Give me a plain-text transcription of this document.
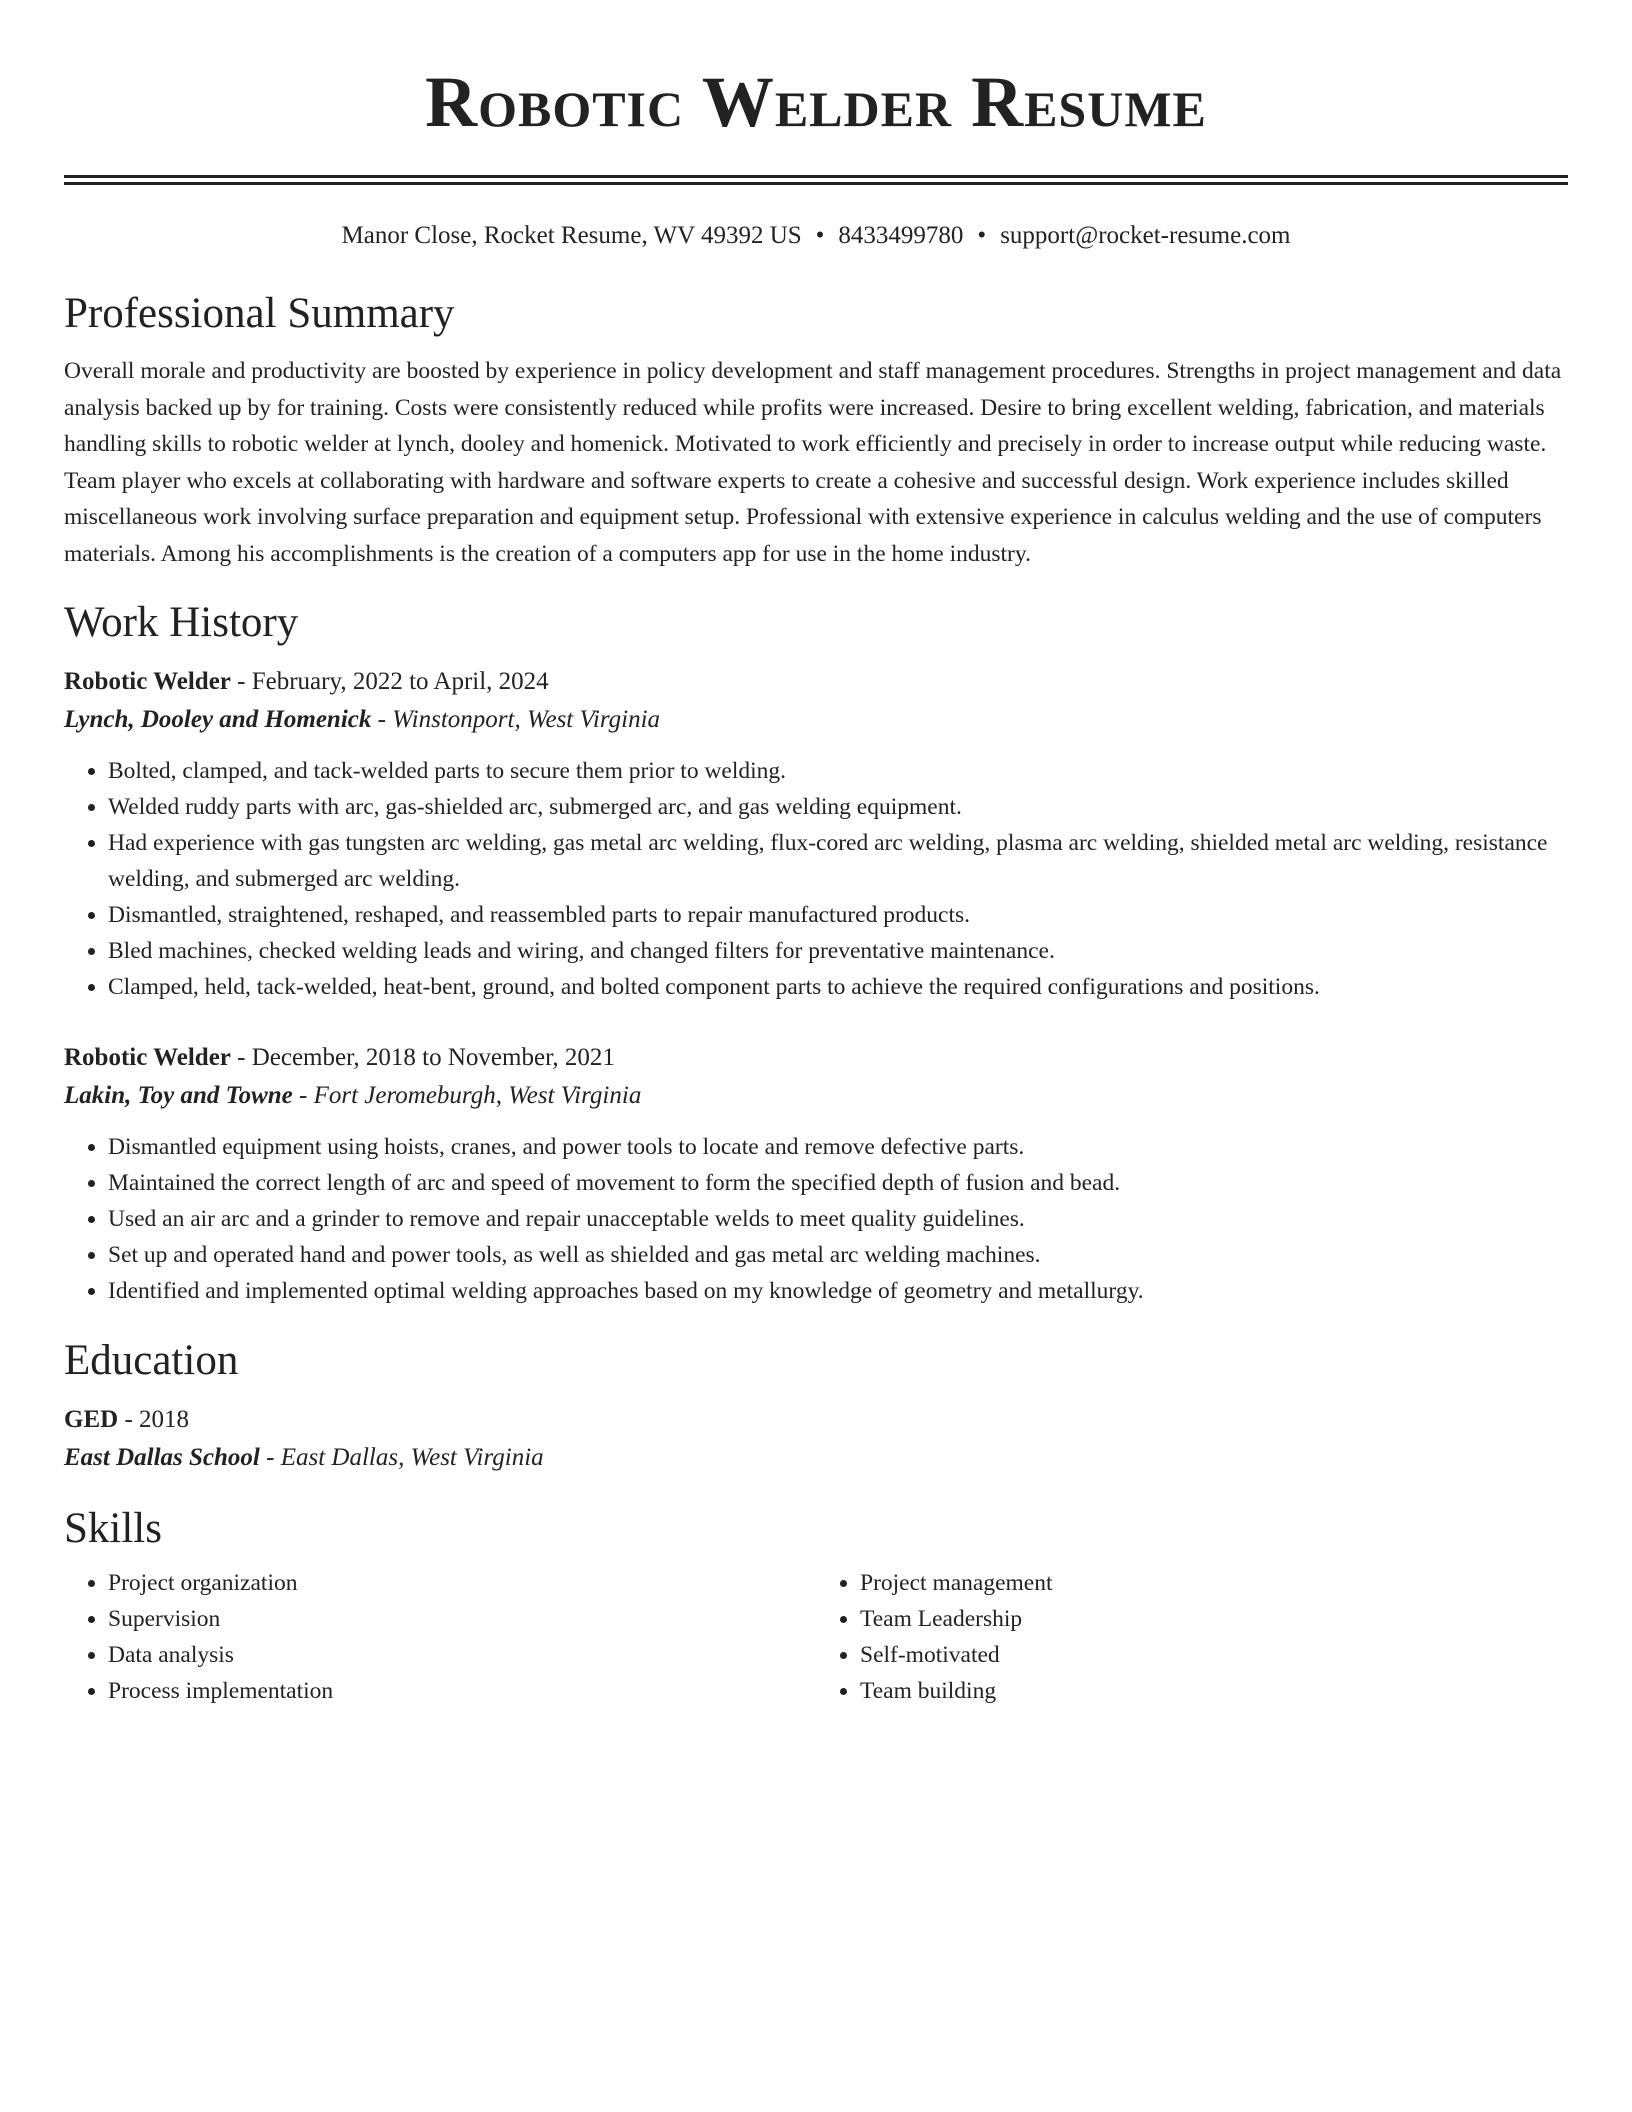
Robotic Welder Resume
Manor Close, Rocket Resume, WV 49392 US • 8433499780 • support@rocket-resume.com
Professional Summary

Overall morale and productivity are boosted by experience in policy development and staff management procedures. Strengths in project management and data analysis backed up by for training. Costs were consistently reduced while profits were increased. Desire to bring excellent welding, fabrication, and materials handling skills to robotic welder at lynch, dooley and homenick. Motivated to work efficiently and precisely in order to increase output while reducing waste. Team player who excels at collaborating with hardware and software experts to create a cohesive and successful design. Work experience includes skilled miscellaneous work involving surface preparation and equipment setup. Professional with extensive experience in calculus welding and the use of computers materials. Among his accomplishments is the creation of a computers app for use in the home industry.

Work History
Robotic Welder - February, 2022 to April, 2024
Lynch, Dooley and Homenick - Winstonport, West Virginia
• Bolted, clamped, and tack-welded parts to secure them prior to welding.
• Welded ruddy parts with arc, gas-shielded arc, submerged arc, and gas welding equipment.
• Had experience with gas tungsten arc welding, gas metal arc welding, flux-cored arc welding, plasma arc welding, shielded metal arc welding, resistance welding, and submerged arc welding.
• Dismantled, straightened, reshaped, and reassembled parts to repair manufactured products.
• Bled machines, checked welding leads and wiring, and changed filters for preventative maintenance.
• Clamped, held, tack-welded, heat-bent, ground, and bolted component parts to achieve the required configurations and positions.
Robotic Welder - December, 2018 to November, 2021
Lakin, Toy and Towne - Fort Jeromeburgh, West Virginia
• Dismantled equipment using hoists, cranes, and power tools to locate and remove defective parts.
• Maintained the correct length of arc and speed of movement to form the specified depth of fusion and bead.
• Used an air arc and a grinder to remove and repair unacceptable welds to meet quality guidelines.
• Set up and operated hand and power tools, as well as shielded and gas metal arc welding machines.
• Identified and implemented optimal welding approaches based on my knowledge of geometry and metallurgy.
Education
GED - 2018
East Dallas School - East Dallas, West Virginia
Skills
• Project organization
• Supervision
• Data analysis
• Process implementation
• Project management
• Team Leadership
• Self-motivated
• Team building
